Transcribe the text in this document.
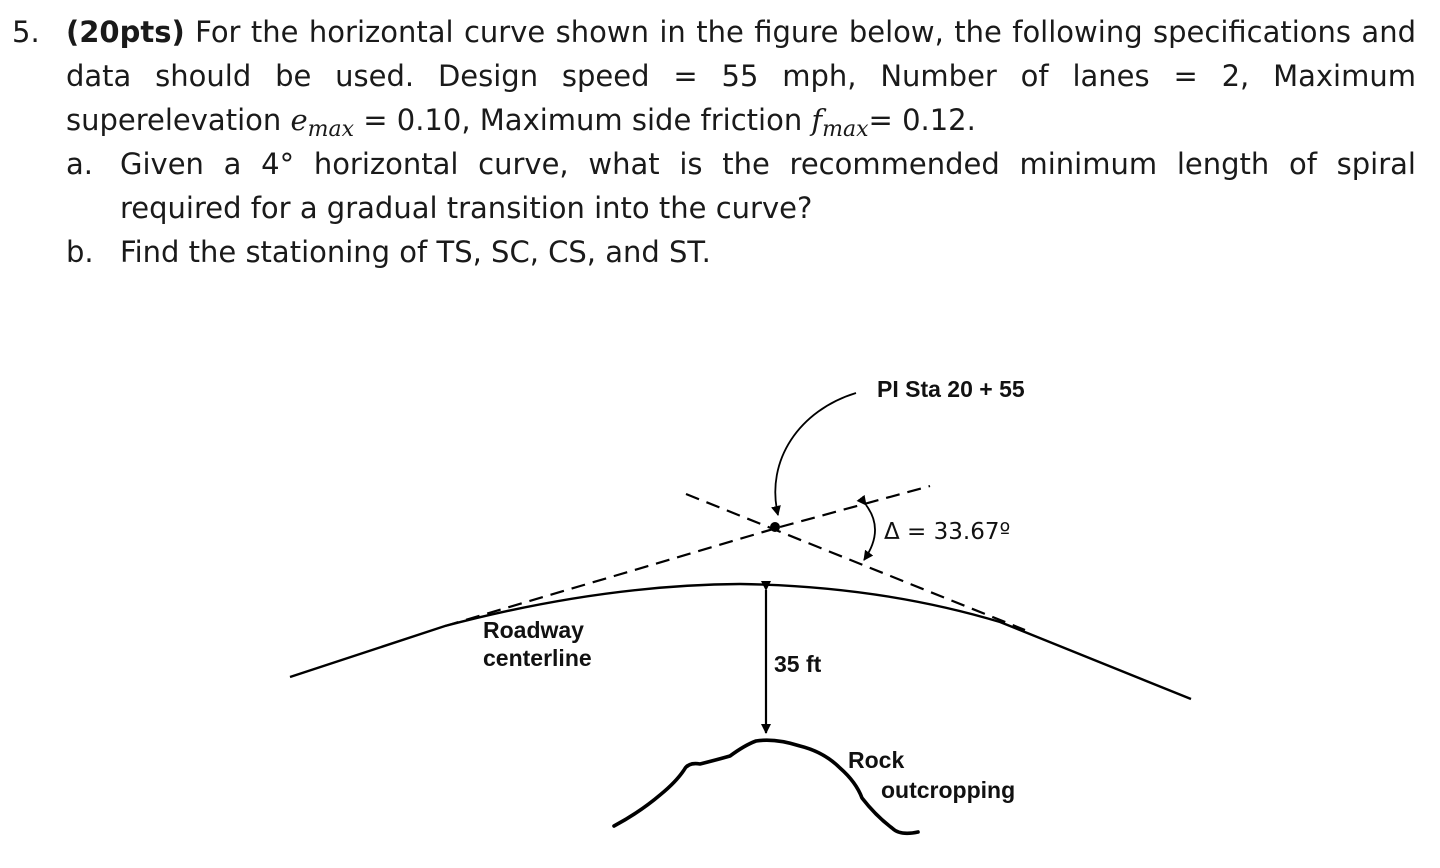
5. (20pts) For the horizontal curve shown in the figure below, the following specifications and
data should be used. Design speed = 55 mph, Number of lanes = 2, Maximum
superelevation $e_{max} = 0.10$, Maximum side friction $f_{max}= 0.12$.
a. Given a 4° horizontal curve, what is the recommended minimum length of spiral
required for a gradual transition into the curve?
b. Find the stationing of TS, SC, CS, and ST.
PI Sta 20 + 55
Δ = 33.67º
Roadway
centerline	35 ft
Rock
outcropping
